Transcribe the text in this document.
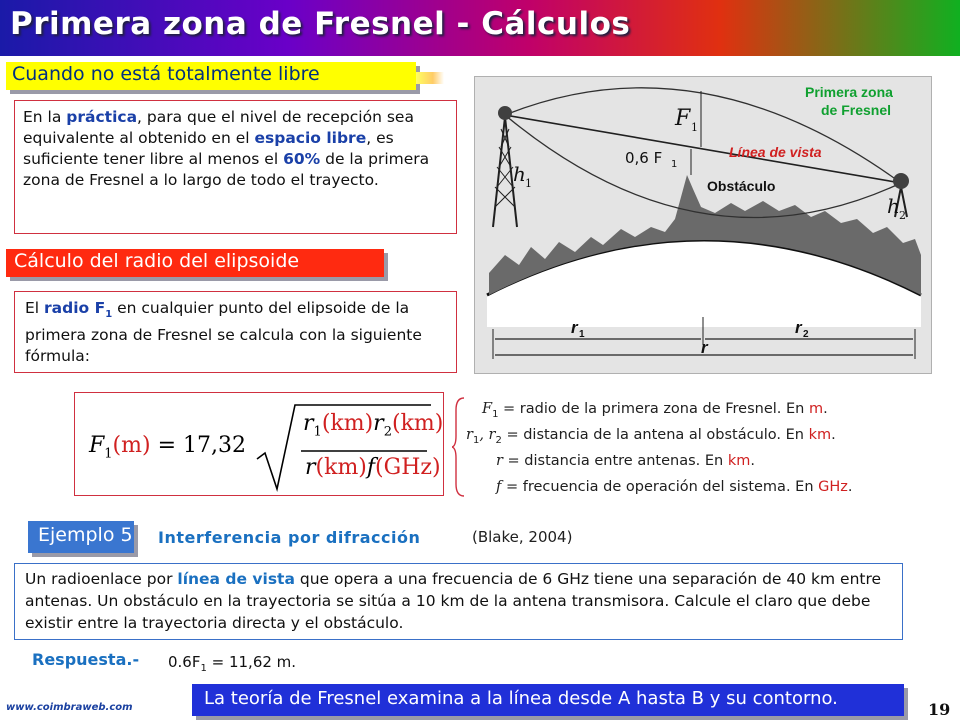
Primera zona de Fresnel - Cálculos
Cuando no está totalmente libre
En la práctica, para que el nivel de recepción sea equivalente al obtenido en el espacio libre, es suficiente tener libre al menos el 60% de la primera zona de Fresnel a lo largo de todo el trayecto.
Cálculo del radio del elipsoide
El radio $F_1$ en cualquier punto del elipsoide de la primera zona de Fresnel se calcula con la siguiente fórmula:
Primera zona
de Fresnel
F 1
0,6 F 1
Línea de vista
Obstáculo
h 1
h 2
r 1	r 2
r
$F_1(m) = 17,32$
$r_1(km)r_2(km)$
r(km)f(GHz)
$F_1$ = radio de la primera zona de Fresnel. En m.
$r_1$, $r_2$ = distancia de la antena al obstáculo. En km.
r = distancia entre antenas. En km.
f = frecuencia de operación del sistema. En GHz.
Ejemplo 5 Interferencia por difracción	(Blake, 2004)
Un radioenlace por línea de vista que opera a una frecuencia de 6 GHz tiene una separación de 40 km entre antenas. Un obstáculo en la trayectoria se sitúa a 10 km de la antena transmisora. Calcule el claro que debe existir entre la trayectoria directa y el obstáculo.
Respuesta.- $0.6F_1 = 11,62$ m.
www.coimbraweb.com	La teoría de Fresnel examina a la línea desde A hasta B y su contorno.
19
